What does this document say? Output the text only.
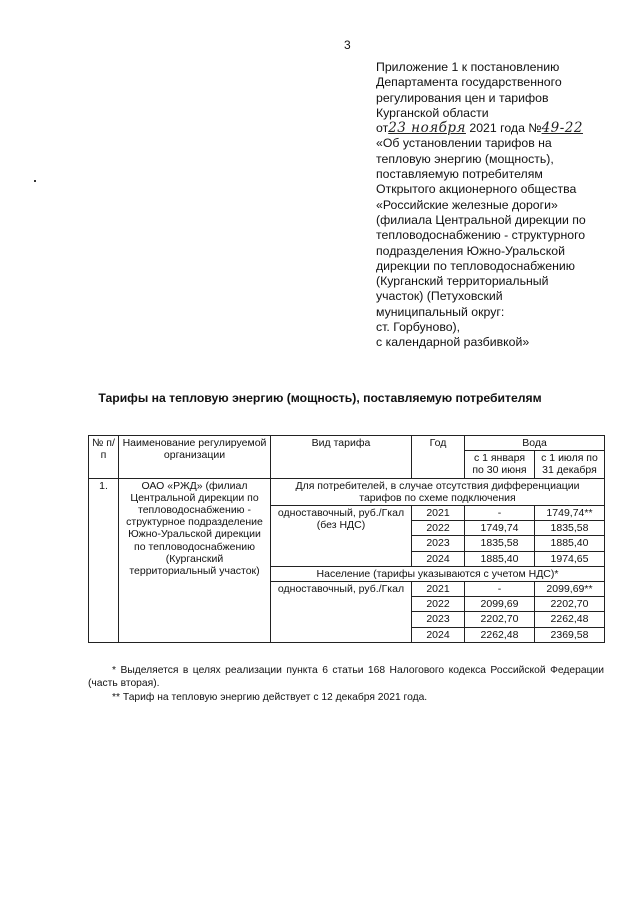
3
Приложение 1 к постановлению
Департамента государственного
регулирования цен и тарифов
Курганской области
от23 ноября 2021 года №49-22
«Об установлении тарифов на
тепловую энергию (мощность),
поставляемую потребителям
Открытого акционерного общества
«Российские железные дороги»
(филиала Центральной дирекции по
тепловодоснабжению - структурного
подразделения Южно-Уральской
дирекции по тепловодоснабжению
(Курганский территориальный
участок) (Петуховский
муниципальный округ:
ст. Горбуново),
с календарной разбивкой»
Тарифы на тепловую энергию (мощность), поставляемую потребителям
№ п/п	Наименование регулируемой организации	Вид тарифа	Год	Вода	
				с 1 января по 30 июня	с 1 июля по 31 декабря
1.	ОАО «РЖД» (филиал Центральной дирекции по тепловодоснабжению - структурное подразделение Южно-Уральской дирекции по тепловодоснабжению (Курганский территориальный участок)	Для потребителей, в случае отсутствия дифференциации тарифов по схеме подключения			
		одноставочный, руб./Гкал (без НДС)	2021	-	1749,74**
			2022	1749,74	1835,58
			2023	1835,58	1885,40
			2024	1885,40	1974,65
		Население (тарифы указываются с учетом НДС)*			
		одноставочный, руб./Гкал	2021	-	2099,69**
			2022	2099,69	2202,70
			2023	2202,70	2262,48
			2024	2262,48	2369,58

* Выделяется в целях реализации пункта 6 статьи 168 Налогового кодекса Российской Федерации (часть вторая).

** Тариф на тепловую энергию действует с 12 декабря 2021 года.
